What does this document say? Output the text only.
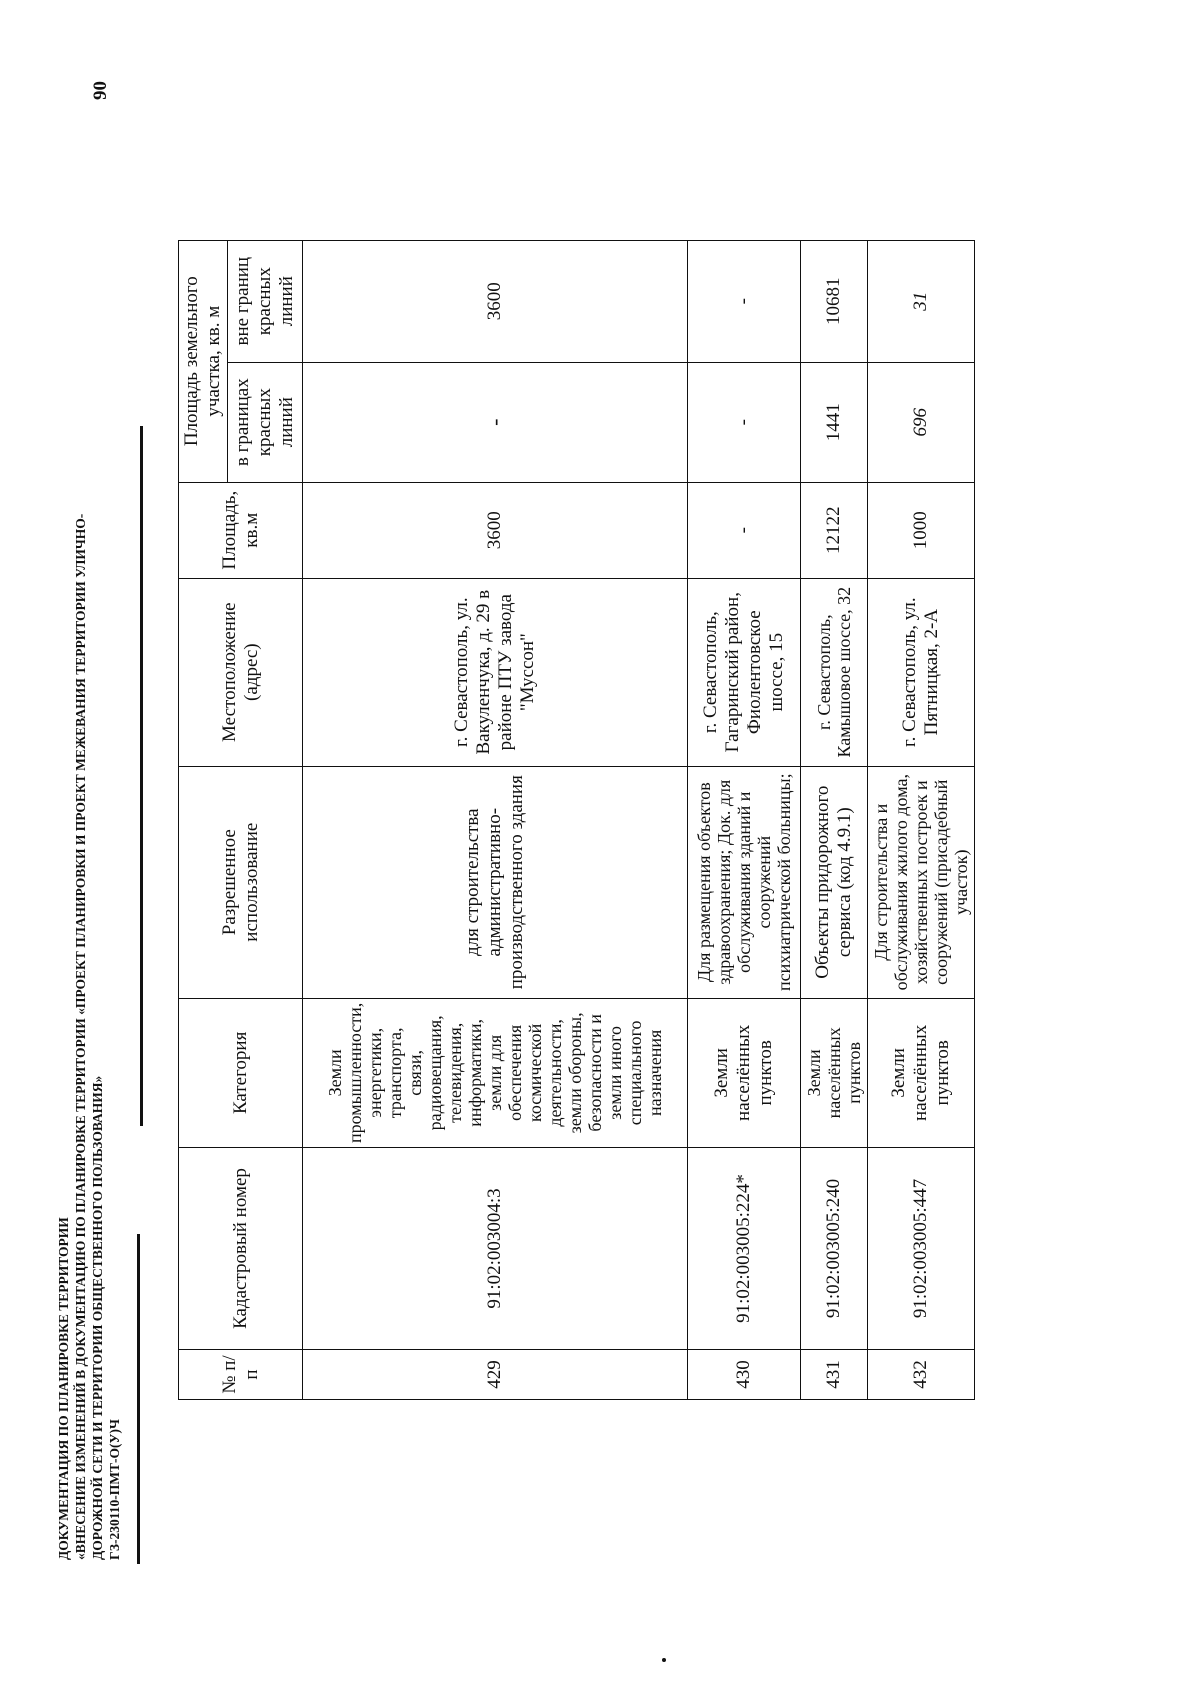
90
ДОКУМЕНТАЦИЯ ПО ПЛАНИРОВКЕ ТЕРРИТОРИИ «ВНЕСЕНИЕ ИЗМЕНЕНИЙ В ДОКУМЕНТАЦИЮ ПО ПЛАНИРОВКЕ ТЕРРИТОРИИ «ПРОЕКТ ПЛАНИРОВКИ И ПРОЕКТ МЕЖЕВАНИЯ ТЕРРИТОРИИ УЛИЧНО- ДОРОЖНОЙ СЕТИ И ТЕРРИТОРИИ ОБЩЕСТВЕННОГО ПОЛЬЗОВАНИЯ» ГЗ-230110-ПМТ-О(У)Ч
№ п/п	Кадастровый номер	Категория	Разрешенное использование	Местоположение (адрес)	Площадь, кв.м	Площадь земельного участка, кв. м	
						в границах красных линий	вне границ красных линий
429	91:02:003004:3	Земли промышленности, энергетики, транспорта, связи, радиовещания, телевидения, информатики, земли для обеспечения космической деятельности, земли обороны, безопасности и земли иного специального назначения	для строительства административно-производственного здания	г. Севастополь, ул. Вакуленчука, д. 29 в районе ПТУ завода "Муссон"	3600	-	3600
430	91:02:003005:224*	Земли населённых пунктов	Для размещения объектов здравоохранения; Док. для обслуживания зданий и сооружений психиатрической больницы;	г. Севастополь, Гагаринский район, Фиолентовское шоссе, 15	-	-	-
431	91:02:003005:240	Земли населённых пунктов	Объекты придорожного сервиса (код 4.9.1)	г. Севастополь, Камышовое шоссе, 32	12122	1441	10681
432	91:02:003005:447	Земли населённых пунктов	Для строительства и обслуживания жилого дома, хозяйственных построек и сооружений (присадебный участок)	г. Севастополь, ул. Пятницкая, 2-А	1000	696	31
